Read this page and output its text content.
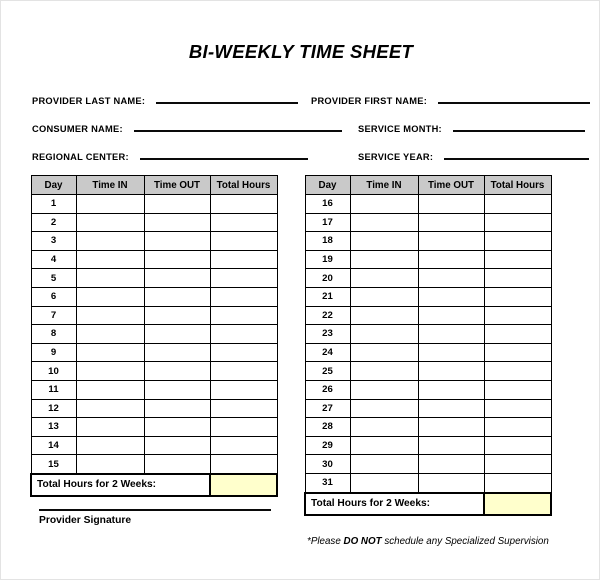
BI-WEEKLY TIME SHEET
PROVIDER LAST NAME:	PROVIDER FIRST NAME:
CONSUMER NAME:	SERVICE MONTH:
REGIONAL CENTER:	SERVICE YEAR:
Day	Time IN	Time OUT	Total Hours
1			
2			
3			
4			
5			
6			
7			
8			
9			
10			
11			
12			
13			
14			
15			
Total Hours for 2 Weeks:			
Day	Time IN	Time OUT	Total Hours
16			
17			
18			
19			
20			
21			
22			
23			
24			
25			
26			
27			
28			
29			
30			
31			
Total Hours for 2 Weeks:			
Provider Signature
*Please DO NOT schedule any Specialized Supervision
